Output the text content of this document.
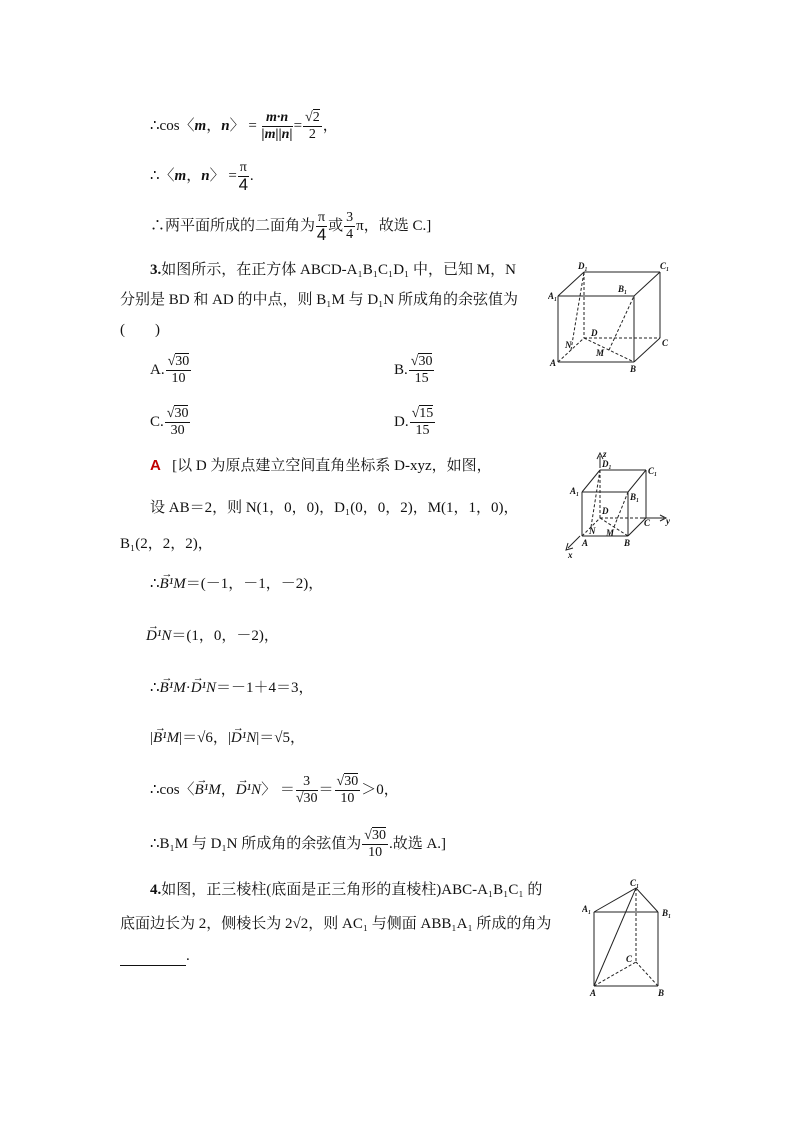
∴cos〈m，n〉 = $\frac{m\cdot n}{|m||n|} = \frac{√2}{2}$ ，
∴〈m，n〉 = $\frac{\pi}{4}$ .
∴两平面所成的二面角为 $\frac{\pi}{4}$ 或 $\frac{3}{4}$ π，故选 C.]
3.如图所示，在正方体 ABCD-A₁B₁C₁D₁ 中，已知 M，N
分别是 BD 和 AD 的中点，则 B₁M 与 D₁N 所成角的余弦值为
(　　)
A. $\frac{√30}{10}$	B. $\frac{√30}{15}$
C. $\frac{√30}{30}$	D. $\frac{√15}{15}$
A [以 D 为原点建立空间直角坐标系 D-xyz，如图，
设 AB＝2，则 N(1，0，0)，D₁(0，0，2)，M(1，1，0)，
B₁(2，2，2)，
∴→ B¹M＝(－1，－1，－2)，
→ D¹N＝(1，0，－2)，
∴→ B¹M·→ D¹N＝－1＋4＝3，
|→ B¹M|＝√6，|→ D¹N|＝√5，
∴cos〈→ B¹M，→ D¹N〉 ＝ $\frac{3}{√30} = \frac{√30}{10} >0$，
∴B₁M 与 D₁N 所成角的余弦值为 $\frac{√30}{10}$ .故选 A.]
4.如图，正三棱柱(底面是正三角形的直棱柱)ABC-A₁B₁C₁ 的
底面边长为 2，侧棱长为 2√2，则 AC₁ 与侧面 ABB₁A₁ 所成的角为
.
D₁	C₁
A₁
B₁
D
N
M
A
B
C
z
D₁
C₁
A₁
B₁
D
C y
N M
A	B
x
C₁
A₁	B₁
C
A	B
